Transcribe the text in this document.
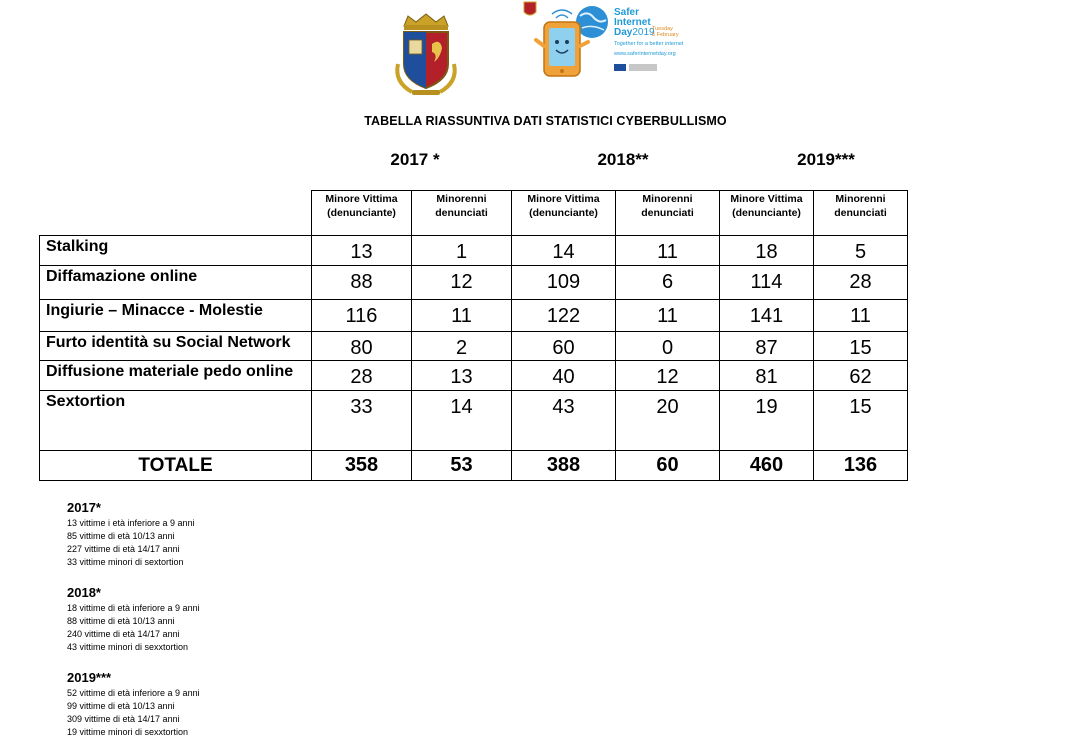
Safer
Internet
Day2019
Tuesday
5 February
Together for a better internet
www.saferinternetday.org
TABELLA RIASSUNTIVA DATI STATISTICI CYBERBULLISMO
2017 *	2018**	2019***
	Minore Vittima (denunciante)	Minorenni denunciati	Minore Vittima (denunciante)	Minorenni denunciati	Minore Vittima (denunciante)	Minorenni denunciati
Stalking	13	1	14	11	18	5
Diffamazione online	88	12	109	6	114	28
Ingiurie – Minacce - Molestie	116	11	122	11	141	11
Furto identità su Social Network	80	2	60	0	87	15
Diffusione materiale pedo online	28	13	40	12	81	62
Sextortion	33	14	43	20	19	15
TOTALE	358	53	388	60	460	136
2017*
13 vittime i età inferiore a 9 anni
85 vittime di età 10/13 anni
227 vittime di età 14/17 anni
33 vittime minori di sextortion
2018*
18 vittime di età inferiore a 9 anni
88 vittime di età 10/13 anni
240 vittime di età 14/17 anni
43 vittime minori di sexxtortion
2019***
52 vittime di età inferiore a 9 anni
99 vittime di età 10/13 anni
309 vittime di età 14/17 anni
19 vittime minori di sexxtortion
